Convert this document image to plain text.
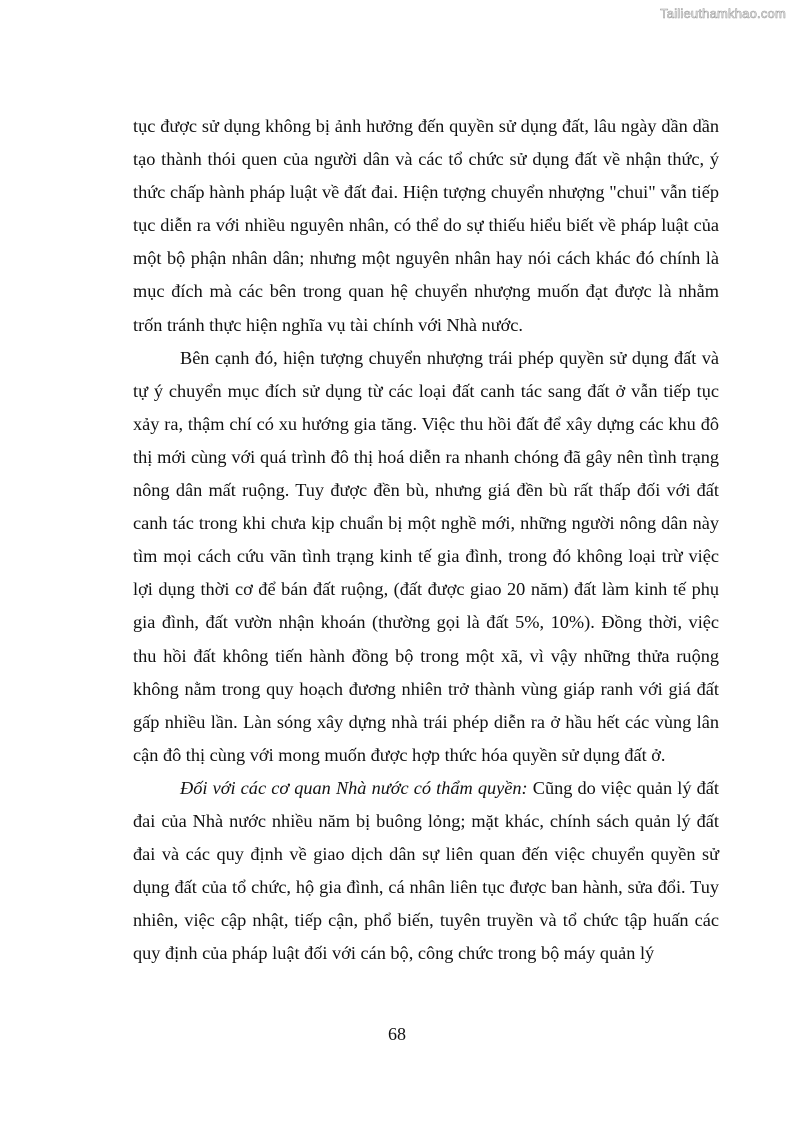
Tailieuthamkhao.com

tục được sử dụng không bị ảnh hưởng đến quyền sử dụng đất, lâu ngày dần dần tạo thành thói quen của người dân và các tổ chức sử dụng đất về nhận thức, ý thức chấp hành pháp luật về đất đai. Hiện tượng chuyển nhượng "chui" vẫn tiếp tục diễn ra với nhiều nguyên nhân, có thể do sự thiếu hiểu biết về pháp luật của một bộ phận nhân dân; nhưng một nguyên nhân hay nói cách khác đó chính là mục đích mà các bên trong quan hệ chuyển nhượng muốn đạt được là nhằm trốn tránh thực hiện nghĩa vụ tài chính với Nhà nước.

Bên cạnh đó, hiện tượng chuyển nhượng trái phép quyền sử dụng đất và tự ý chuyển mục đích sử dụng từ các loại đất canh tác sang đất ở vẫn tiếp tục xảy ra, thậm chí có xu hướng gia tăng. Việc thu hồi đất để xây dựng các khu đô thị mới cùng với quá trình đô thị hoá diễn ra nhanh chóng đã gây nên tình trạng nông dân mất ruộng. Tuy được đền bù, nhưng giá đền bù rất thấp đối với đất canh tác trong khi chưa kịp chuẩn bị một nghề mới, những người nông dân này tìm mọi cách cứu vãn tình trạng kinh tế gia đình, trong đó không loại trừ việc lợi dụng thời cơ để bán đất ruộng, (đất được giao 20 năm) đất làm kinh tế phụ gia đình, đất vườn nhận khoán (thường gọi là đất 5%, 10%). Đồng thời, việc thu hồi đất không tiến hành đồng bộ trong một xã, vì vậy những thửa ruộng không nằm trong quy hoạch đương nhiên trở thành vùng giáp ranh với giá đất gấp nhiều lần. Làn sóng xây dựng nhà trái phép diễn ra ở hầu hết các vùng lân cận đô thị cùng với mong muốn được hợp thức hóa quyền sử dụng đất ở.

Đối với các cơ quan Nhà nước có thẩm quyền: Cũng do việc quản lý đất đai của Nhà nước nhiều năm bị buông lỏng; mặt khác, chính sách quản lý đất đai và các quy định về giao dịch dân sự liên quan đến việc chuyển quyền sử dụng đất của tổ chức, hộ gia đình, cá nhân liên tục được ban hành, sửa đổi. Tuy nhiên, việc cập nhật, tiếp cận, phổ biến, tuyên truyền và tổ chức tập huấn các quy định của pháp luật đối với cán bộ, công chức trong bộ máy quản lý

68
